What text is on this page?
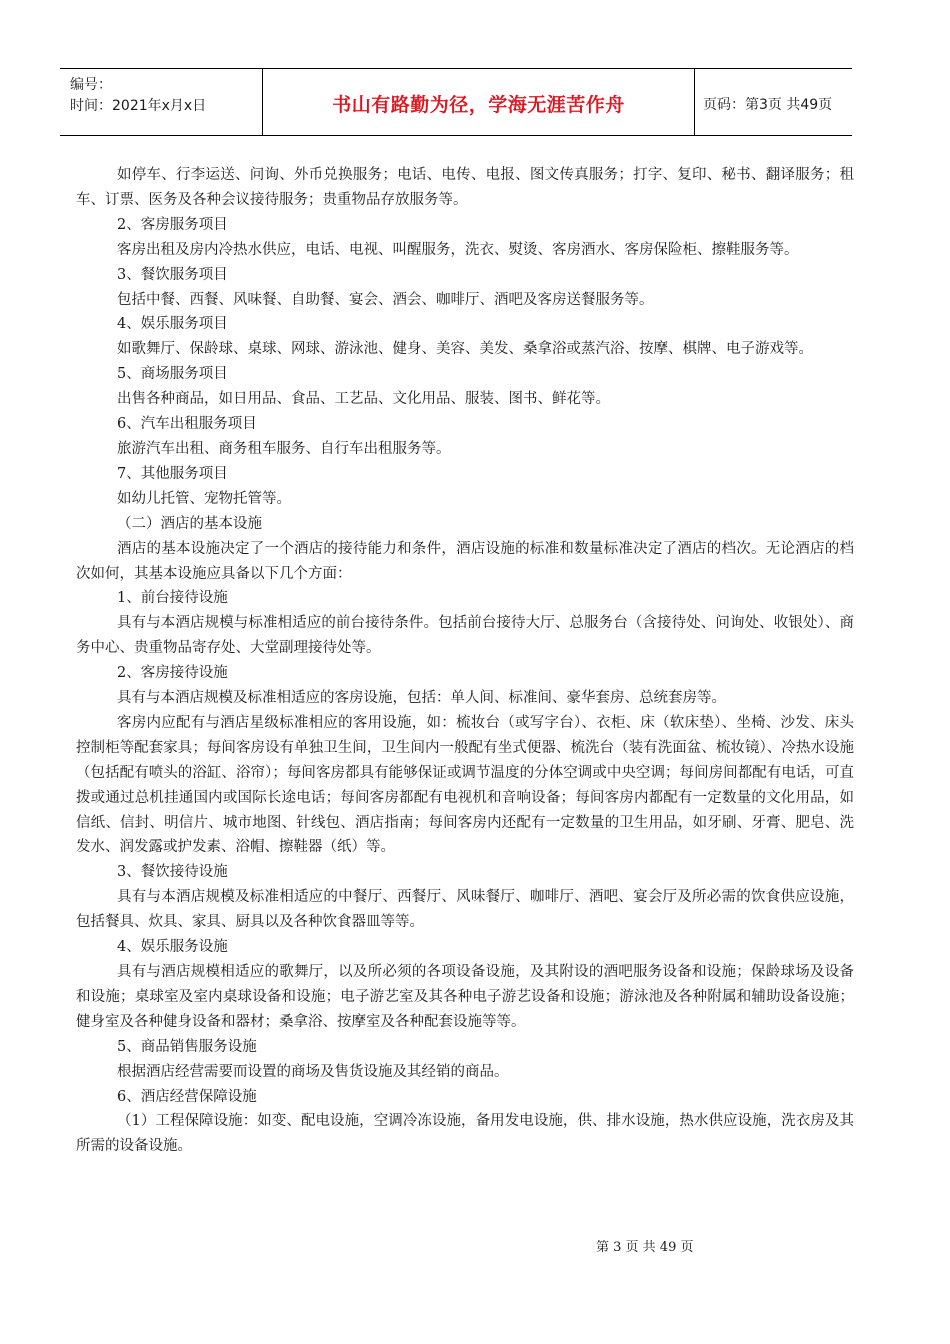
编号：
时间：2021年x月x日	书山有路勤为径，学海无涯苦作舟	页码：第3页 共49页

如停车、行李运送、问询、外币兑换服务；电话、电传、电报、图文传真服务；打字、复印、秘书、翻译服务；租车、订票、医务及各种会议接待服务；贵重物品存放服务等。

2、客房服务项目

客房出租及房内冷热水供应，电话、电视、叫醒服务，洗衣、熨烫、客房酒水、客房保险柜、擦鞋服务等。

3、餐饮服务项目

包括中餐、西餐、风味餐、自助餐、宴会、酒会、咖啡厅、酒吧及客房送餐服务等。

4、娱乐服务项目

如歌舞厅、保龄球、桌球、网球、游泳池、健身、美容、美发、桑拿浴或蒸汽浴、按摩、棋牌、电子游戏等。

5、商场服务项目

出售各种商品，如日用品、食品、工艺品、文化用品、服装、图书、鲜花等。

6、汽车出租服务项目

旅游汽车出租、商务租车服务、自行车出租服务等。

7、其他服务项目

如幼儿托管、宠物托管等。

（二）酒店的基本设施

酒店的基本设施决定了一个酒店的接待能力和条件，酒店设施的标准和数量标准决定了酒店的档次。无论酒店的档次如何，其基本设施应具备以下几个方面：

1、前台接待设施

具有与本酒店规模与标准相适应的前台接待条件。包括前台接待大厅、总服务台（含接待处、问询处、收银处）、商务中心、贵重物品寄存处、大堂副理接待处等。

2、客房接待设施

具有与本酒店规模及标准相适应的客房设施，包括：单人间、标准间、豪华套房、总统套房等。

客房内应配有与酒店星级标准相应的客用设施，如：梳妆台（或写字台）、衣柜、床（软床垫）、坐椅、沙发、床头控制柜等配套家具；每间客房设有单独卫生间，卫生间内一般配有坐式便器、梳洗台（装有洗面盆、梳妆镜）、冷热水设施（包括配有喷头的浴缸、浴帘）；每间客房都具有能够保证或调节温度的分体空调或中央空调；每间房间都配有电话，可直拨或通过总机挂通国内或国际长途电话；每间客房都配有电视机和音响设备；每间客房内都配有一定数量的文化用品，如信纸、信封、明信片、城市地图、针线包、酒店指南；每间客房内还配有一定数量的卫生用品，如牙刷、牙膏、肥皂、洗发水、润发露或护发素、浴帽、擦鞋器（纸）等。

3、餐饮接待设施

具有与本酒店规模及标准相适应的中餐厅、西餐厅、风味餐厅、咖啡厅、酒吧、宴会厅及所必需的饮食供应设施，包括餐具、炊具、家具、厨具以及各种饮食器皿等等。

4、娱乐服务设施

具有与酒店规模相适应的歌舞厅，以及所必须的各项设备设施，及其附设的酒吧服务设备和设施；保龄球场及设备和设施；桌球室及室内桌球设备和设施；电子游艺室及其各种电子游艺设备和设施；游泳池及各种附属和辅助设备设施；健身室及各种健身设备和器材；桑拿浴、按摩室及各种配套设施等等。

5、商品销售服务设施

根据酒店经营需要而设置的商场及售货设施及其经销的商品。

6、酒店经营保障设施

（1）工程保障设施：如变、配电设施，空调冷冻设施，备用发电设施，供、排水设施，热水供应设施，洗衣房及其所需的设备设施。

第 3 页 共 49 页
